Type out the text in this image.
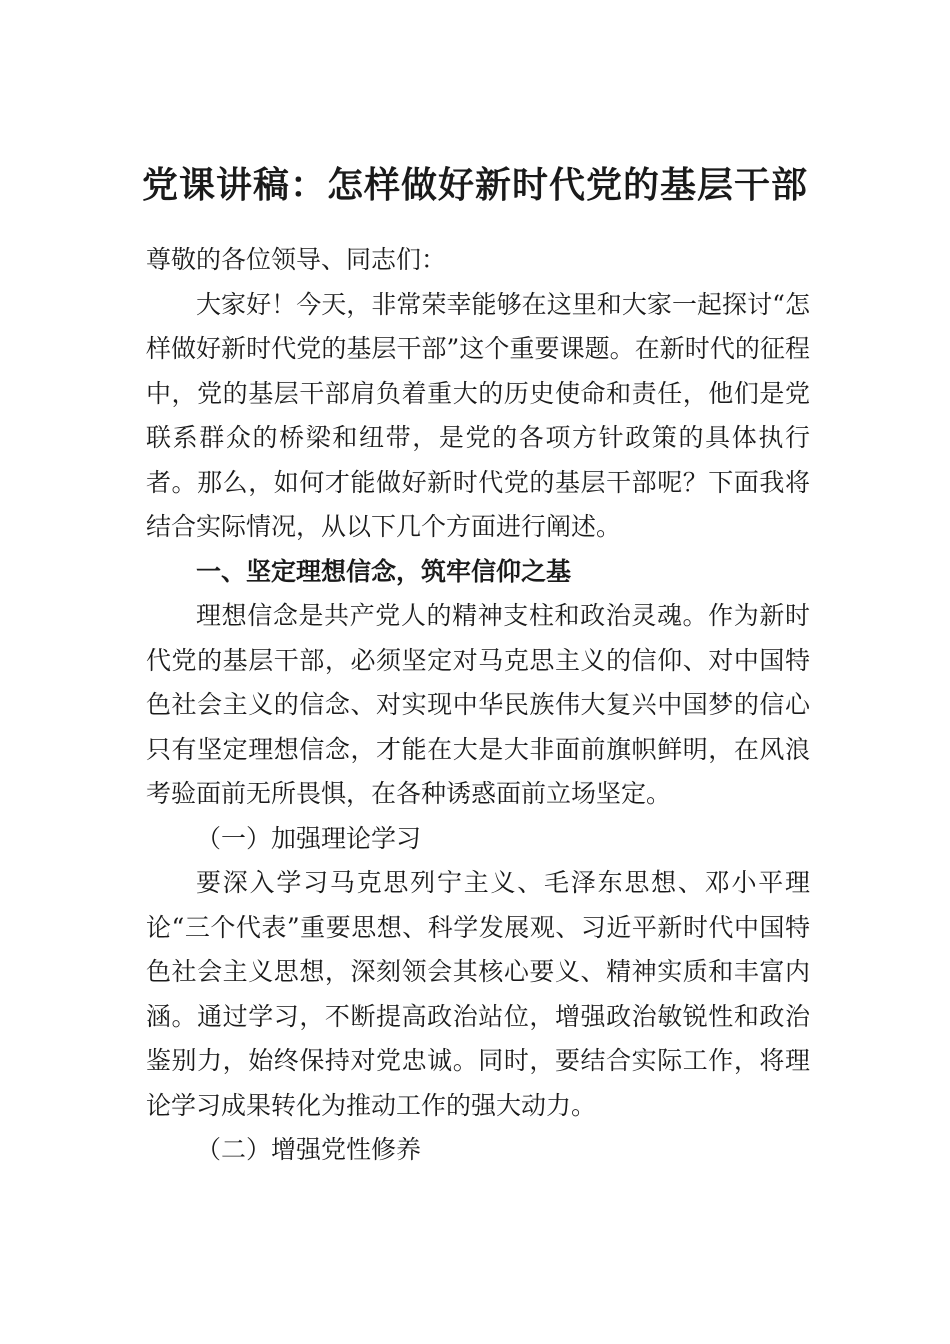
党课讲稿：怎样做好新时代党的基层干部

尊敬的各位领导、同志们：

大家好！今天，非常荣幸能够在这里和大家一起探讨“怎样做好新时代党的基层干部”这个重要课题。在新时代的征程中，党的基层干部肩负着重大的历史使命和责任，他们是党联系群众的桥梁和纽带，是党的各项方针政策的具体执行者。那么，如何才能做好新时代党的基层干部呢？下面我将结合实际情况，从以下几个方面进行阐述。

一、坚定理想信念，筑牢信仰之基

理想信念是共产党人的精神支柱和政治灵魂。作为新时代党的基层干部，必须坚定对马克思主义的信仰、对中国特色社会主义的信念、对实现中华民族伟大复兴中国梦的信心只有坚定理想信念，才能在大是大非面前旗帜鲜明，在风浪考验面前无所畏惧，在各种诱惑面前立场坚定。

（一）加强理论学习

要深入学习马克思列宁主义、毛泽东思想、邓小平理论“三个代表”重要思想、科学发展观、习近平新时代中国特色社会主义思想，深刻领会其核心要义、精神实质和丰富内涵。通过学习，不断提高政治站位，增强政治敏锐性和政治鉴别力，始终保持对党忠诚。同时，要结合实际工作，将理论学习成果转化为推动工作的强大动力。

（二）增强党性修养
